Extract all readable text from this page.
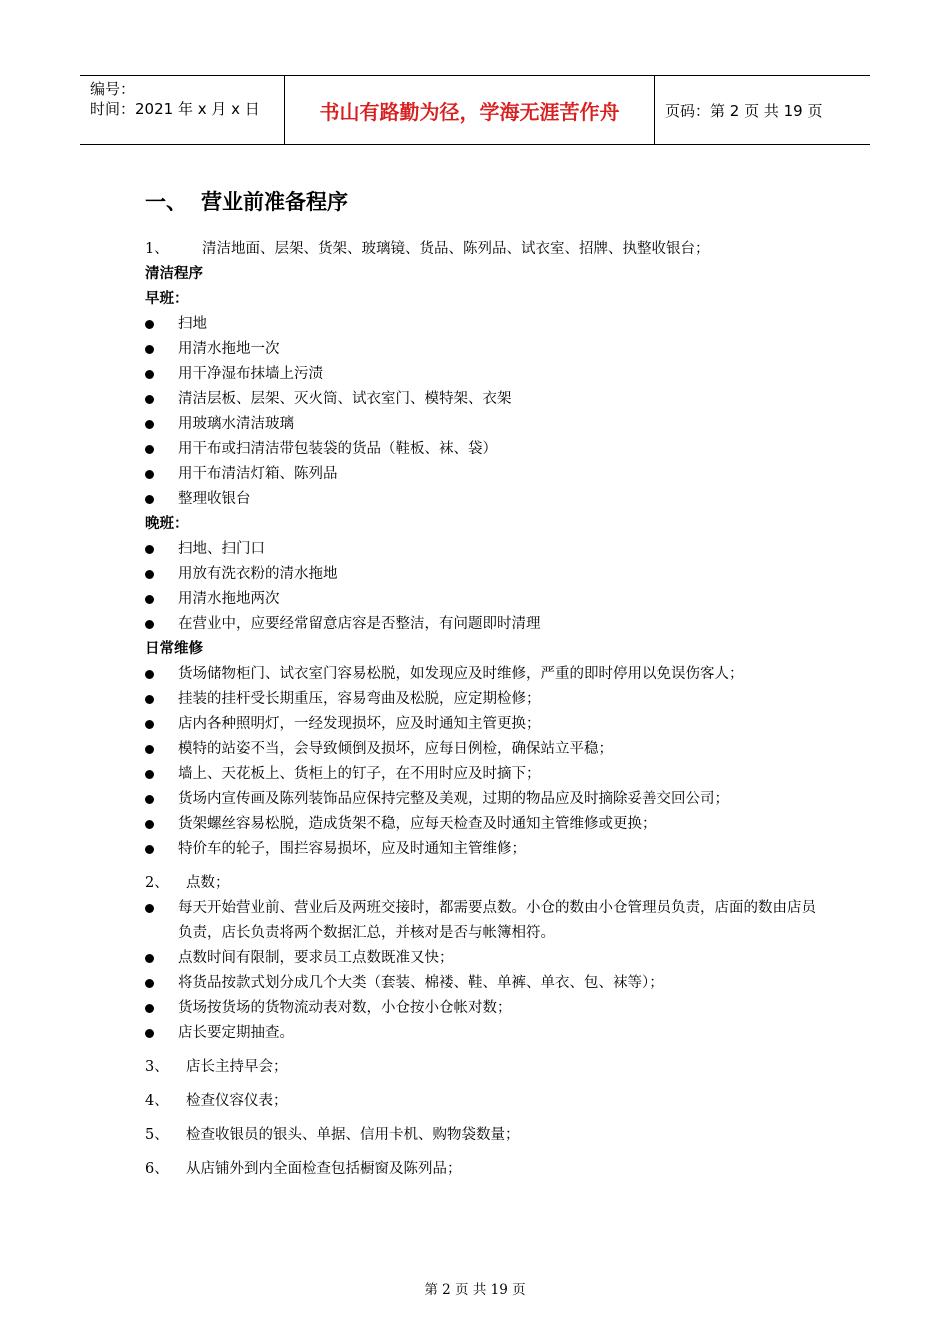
编号：
时间：2021 年 x 月 x 日	书山有路勤为径，学海无涯苦作舟	页码：第 2 页 共 19 页
一、 营业前准备程序
1、 清洁地面、层架、货架、玻璃镜、货品、陈列品、试衣室、招牌、执整收银台；
清洁程序
早班：
扫地
用清水拖地一次
用干净湿布抹墙上污渍
清洁层板、层架、灭火筒、试衣室门、模特架、衣架
用玻璃水清洁玻璃
用干布或扫清洁带包装袋的货品（鞋板、袜、袋）
用干布清洁灯箱、陈列品
整理收银台
晚班：
扫地、扫门口
用放有洗衣粉的清水拖地
用清水拖地两次
在营业中，应要经常留意店容是否整洁，有问题即时清理
日常维修
货场储物柜门、试衣室门容易松脱，如发现应及时维修，严重的即时停用以免误伤客人；
挂装的挂杆受长期重压，容易弯曲及松脱，应定期检修；
店内各种照明灯，一经发现损坏，应及时通知主管更换；
模特的站姿不当，会导致倾倒及损坏，应每日例检，确保站立平稳；
墙上、天花板上、货柜上的钉子，在不用时应及时摘下；
货场内宣传画及陈列装饰品应保持完整及美观，过期的物品应及时摘除妥善交回公司；
货架螺丝容易松脱，造成货架不稳，应每天检查及时通知主管维修或更换；
特价车的轮子，围拦容易损坏，应及时通知主管维修；
2、 点数；
每天开始营业前、营业后及两班交接时，都需要点数。小仓的数由小仓管理员负责，店面的数由店员负责，店长负责将两个数据汇总，并核对是否与帐簿相符。
点数时间有限制，要求员工点数既准又快；
将货品按款式划分成几个大类（套装、棉褛、鞋、单裤、单衣、包、袜等）；
货场按货场的货物流动表对数，小仓按小仓帐对数；
店长要定期抽查。
3、 店长主持早会；
4、 检查仪容仪表；
5、 检查收银员的银头、单据、信用卡机、购物袋数量；
6、 从店铺外到内全面检查包括橱窗及陈列品；
第 2 页 共 19 页
